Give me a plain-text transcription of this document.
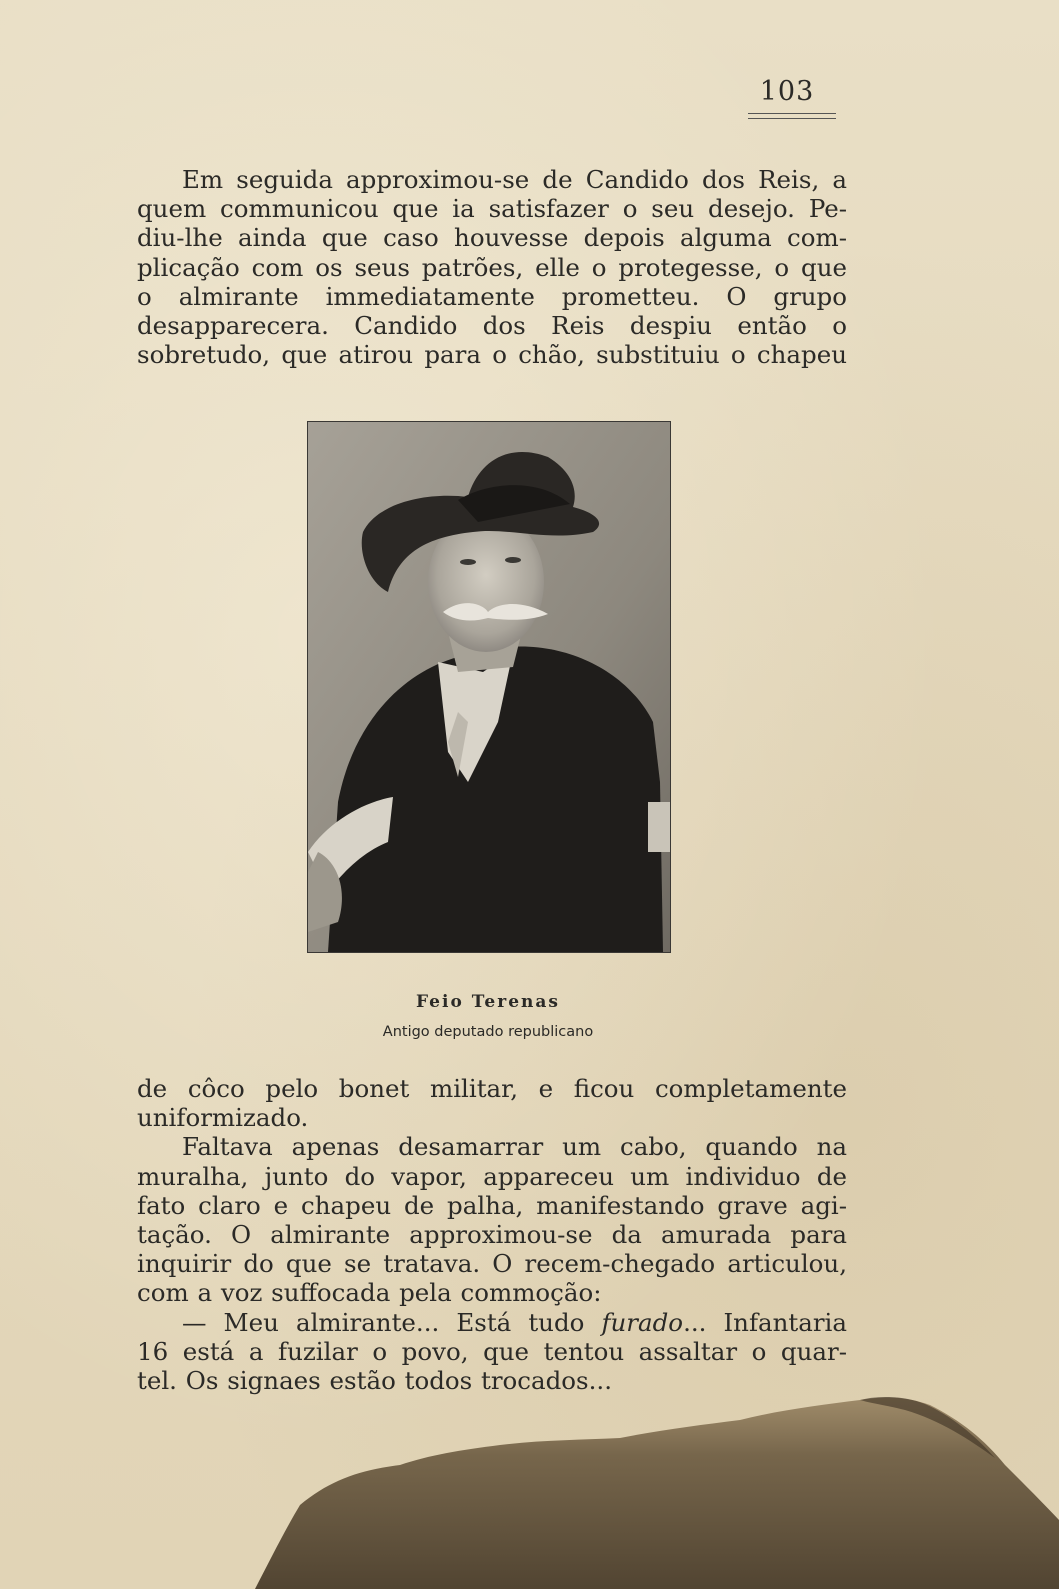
103

Em seguida approximou-se de Candido dos Reis, a
quem communicou que ia satisfazer o seu desejo. Pe-
diu-lhe ainda que caso houvesse depois alguma com-
plicação com os seus patrões, elle o protegesse, o que
o almirante immediatamente prometteu. O grupo
desapparecera. Candido dos Reis despiu então o
sobretudo, que atirou para o chão, substituiu o chapeu

Feio Terenas
Antigo deputado republicano

de côco pelo bonet militar, e ficou completamente
uniformizado.

Faltava apenas desamarrar um cabo, quando na
muralha, junto do vapor, appareceu um individuo de
fato claro e chapeu de palha, manifestando grave agi-
tação. O almirante approximou-se da amurada para
inquirir do que se tratava. O recem-chegado articulou,
com a voz suffocada pela commoção:

— Meu almirante... Está tudo furado... Infantaria
16 está a fuzilar o povo, que tentou assaltar o quar-
tel. Os signaes estão todos trocados...
